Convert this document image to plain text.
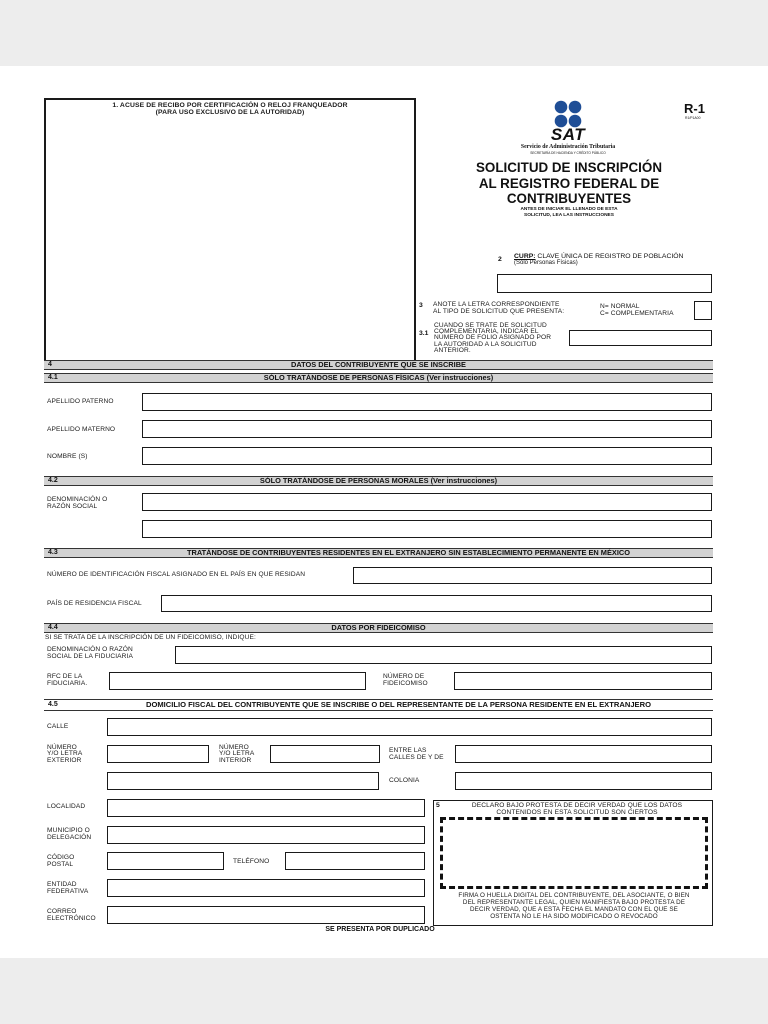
1. ACUSE DE RECIBO POR CERTIFICACIÓN O RELOJ FRANQUEADOR
(PARA USO EXCLUSIVO DE LA AUTORIDAD)
SAT
Servicio de Administración Tributaria
SECRETARÍA DE HACIENDA Y CRÉDITO PÚBLICO
R-1
R1/P1A00
SOLICITUD DE INSCRIPCIÓN
AL REGISTRO FEDERAL DE
CONTRIBUYENTES
ANTES DE INICIAR EL LLENADO DE ESTA
SOLICITUD, LEA LAS INSTRUCCIONES
2 CURP: CLAVE ÚNICA DE REGISTRO DE POBLACIÓN
(Sólo Personas Físicas)
3 ANOTE LA LETRA CORRESPONDIENTE
AL TIPO DE SOLICITUD QUE PRESENTA:
N= NORMAL
C= COMPLEMENTARIA
3.1
CUANDO SE TRATE DE SOLICITUD
COMPLEMENTARIA, INDICAR EL
NÚMERO DE FOLIO ASIGNADO POR
LA AUTORIDAD A LA SOLICITUD
ANTERIOR.
4	DATOS DEL CONTRIBUYENTE QUE SE INSCRIBE
4.1	SÓLO TRATÁNDOSE DE PERSONAS FÍSICAS (Ver instrucciones)
APELLIDO PATERNO
APELLIDO MATERNO
NOMBRE (S)
4.2	SÓLO TRATÁNDOSE DE PERSONAS MORALES (Ver instrucciones)
DENOMINACIÓN O
RAZÓN SOCIAL
4.3	TRATÁNDOSE DE CONTRIBUYENTES RESIDENTES EN EL EXTRANJERO SIN ESTABLECIMIENTO PERMANENTE EN MÉXICO
NÚMERO DE IDENTIFICACIÓN FISCAL ASIGNADO EN EL PAÍS EN QUE RESIDAN
PAÍS DE RESIDENCIA FISCAL
4.4	DATOS POR FIDEICOMISO
SI SE TRATA DE LA INSCRIPCIÓN DE UN FIDEICOMISO, INDIQUE:
DENOMINACIÓN O RAZÓN
SOCIAL DE LA FIDUCIARIA
RFC DE LA
FIDUCIARIA.
NÚMERO DE
FIDEICOMISO
4.5	DOMICILIO FISCAL DEL CONTRIBUYENTE QUE SE INSCRIBE O DEL REPRESENTANTE DE LA PERSONA RESIDENTE EN EL EXTRANJERO
CALLE
NÚMERO
Y/O LETRA
EXTERIOR
NÚMERO
Y/O LETRA
INTERIOR
ENTRE LAS
CALLES DE Y DE
COLONIA
LOCALIDAD
MUNICIPIO O
DELEGACIÓN
CÓDIGO
POSTAL	TELÉFONO
ENTIDAD
FEDERATIVA
CORREO
ELECTRÓNICO
5	DECLARO BAJO PROTESTA DE DECIR VERDAD QUE LOS DATOS
CONTENIDOS EN ESTA SOLICITUD SON CIERTOS
FIRMA O HUELLA DIGITAL DEL CONTRIBUYENTE, DEL ASOCIANTE, O BIEN
DEL REPRESENTANTE LEGAL, QUIEN MANIFIESTA BAJO PROTESTA DE
DECIR VERDAD, QUE A ESTA FECHA EL MANDATO CON EL QUE SE
OSTENTA NO LE HA SIDO MODIFICADO O REVOCADO
SE PRESENTA POR DUPLICADO
